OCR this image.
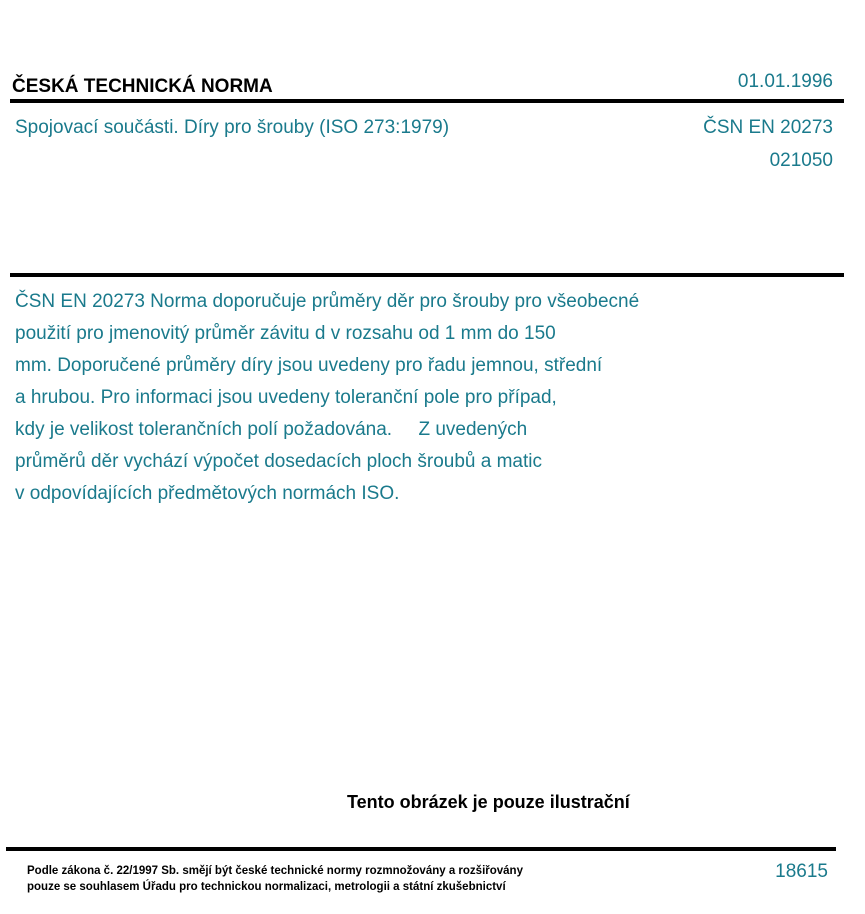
ČESKÁ TECHNICKÁ NORMA	01.01.1996
Spojovací součásti. Díry pro šrouby (ISO 273:1979)	ČSN EN 20273
021050
ČSN EN 20273 Norma doporučuje průměry děr pro šrouby pro všeobecné
použití pro jmenovitý průměr závitu d v rozsahu od 1 mm do 150
mm. Doporučené průměry díry jsou uvedeny pro řadu jemnou, střední
a hrubou. Pro informaci jsou uvedeny toleranční pole pro případ,
kdy je velikost tolerančních polí požadována.     Z uvedených
průměrů děr vychází výpočet dosedacích ploch šroubů a matic
v odpovídajících předmětových normách ISO.
Tento obrázek je pouze ilustrační
Podle zákona č. 22/1997 Sb. smějí být české technické normy rozmnožovány a rozšiřovány
pouze se souhlasem Úřadu pro technickou normalizaci, metrologii a státní zkušebnictví
18615
